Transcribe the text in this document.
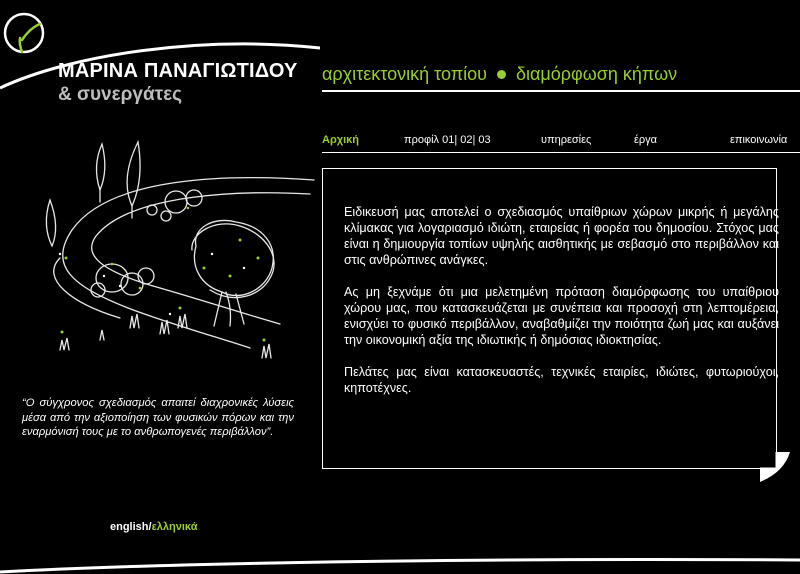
ΜΑΡΙΝΑ ΠΑΝΑΓΙΩΤΙΔΟΥ
& συνεργάτες
αρχιτεκτονική τοπίου διαμόρφωση κήπων
Αρχική	προφίλ 01| 02| 03	υπηρεσίες	έργα	επικοινωνία

Ειδικευσή μας αποτελεί ο σχεδιασμός υπαίθριων χώρων μικρής ή μεγάλης κλίμακας για λογαριασμό ιδιώτη, εταιρείας ή φορέα του δημοσίου. Στόχος μας είναι η δημιουργία τοπίων υψηλής αισθητικής με σεβασμό στο περιβάλλον και στις ανθρώπινες ανάγκες.

Ας μη ξεχνάμε ότι μια μελετημένη πρόταση διαμόρφωσης του υπαίθριου χώρου μας, που κατασκευάζεται με συνέπεια και προσοχή στη λεπτομέρεια, ενισχύει το φυσικό περιβάλλον, αναβαθμίζει την ποιότητα ζωή μας και αυξάνει την οικονομική αξία της ιδιωτικής ή δημόσιας ιδιοκτησίας.

Πελάτες μας είναι κατασκευαστές, τεχνικές εταιρίες, ιδιώτες, φυτωριούχοι, κηποτέχνες.

“Ο σύγχρονος σχεδιασμός απαιτεί διαχρονικές λύσεις μέσα από την αξιοποίηση των φυσικών πόρων και την εναρμόνισή τους με το ανθρωπογενές περιβάλλον”.
english/ελληνικά
